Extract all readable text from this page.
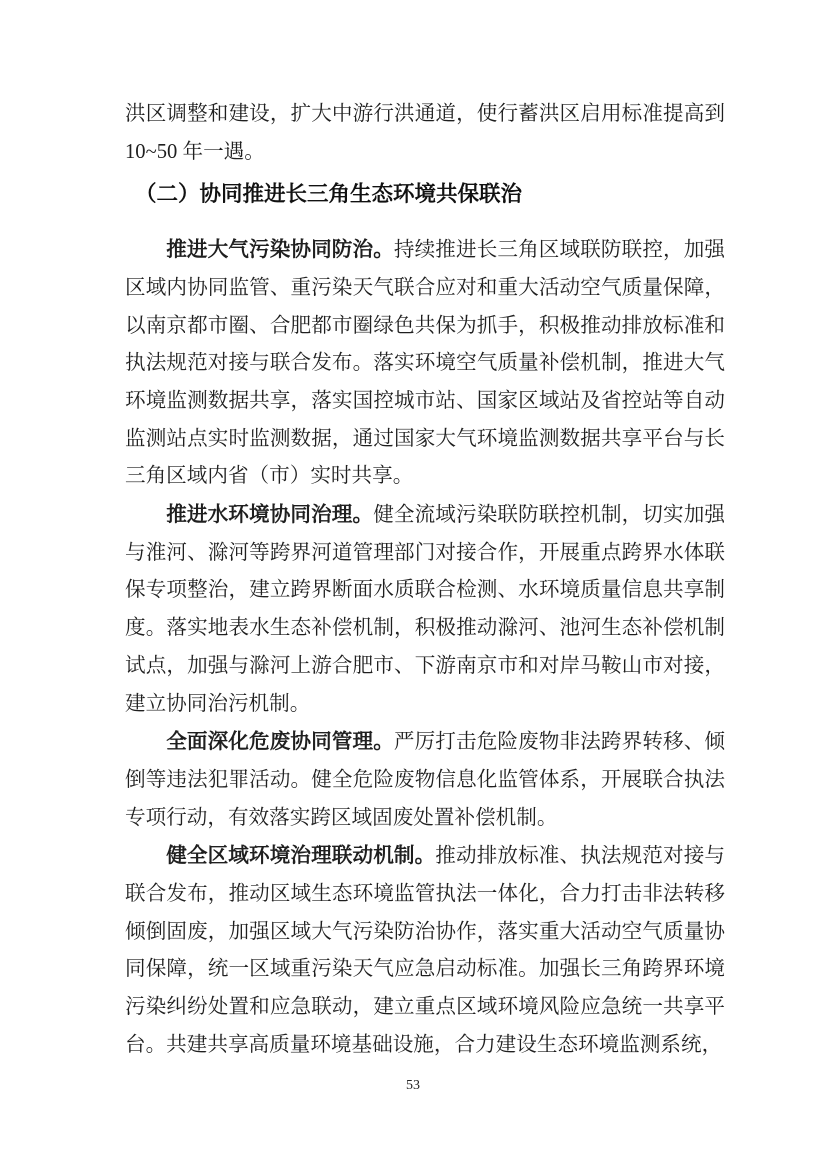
洪区调整和建设，扩大中游行洪通道，使行蓄洪区启用标准提高到10~50 年一遇。

（二）协同推进长三角生态环境共保联治

推进大气污染协同防治。持续推进长三角区域联防联控，加强区域内协同监管、重污染天气联合应对和重大活动空气质量保障，以南京都市圈、合肥都市圈绿色共保为抓手，积极推动排放标准和执法规范对接与联合发布。落实环境空气质量补偿机制，推进大气环境监测数据共享，落实国控城市站、国家区域站及省控站等自动监测站点实时监测数据，通过国家大气环境监测数据共享平台与长三角区域内省（市）实时共享。

推进水环境协同治理。健全流域污染联防联控机制，切实加强与淮河、滁河等跨界河道管理部门对接合作，开展重点跨界水体联保专项整治，建立跨界断面水质联合检测、水环境质量信息共享制度。落实地表水生态补偿机制，积极推动滁河、池河生态补偿机制试点，加强与滁河上游合肥市、下游南京市和对岸马鞍山市对接，建立协同治污机制。

全面深化危废协同管理。严厉打击危险废物非法跨界转移、倾倒等违法犯罪活动。健全危险废物信息化监管体系，开展联合执法专项行动，有效落实跨区域固废处置补偿机制。

健全区域环境治理联动机制。推动排放标准、执法规范对接与联合发布，推动区域生态环境监管执法一体化，合力打击非法转移倾倒固废，加强区域大气污染防治协作，落实重大活动空气质量协同保障，统一区域重污染天气应急启动标准。加强长三角跨界环境污染纠纷处置和应急联动，建立重点区域环境风险应急统一共享平台。共建共享高质量环境基础设施，合力建设生态环境监测系统，

53
